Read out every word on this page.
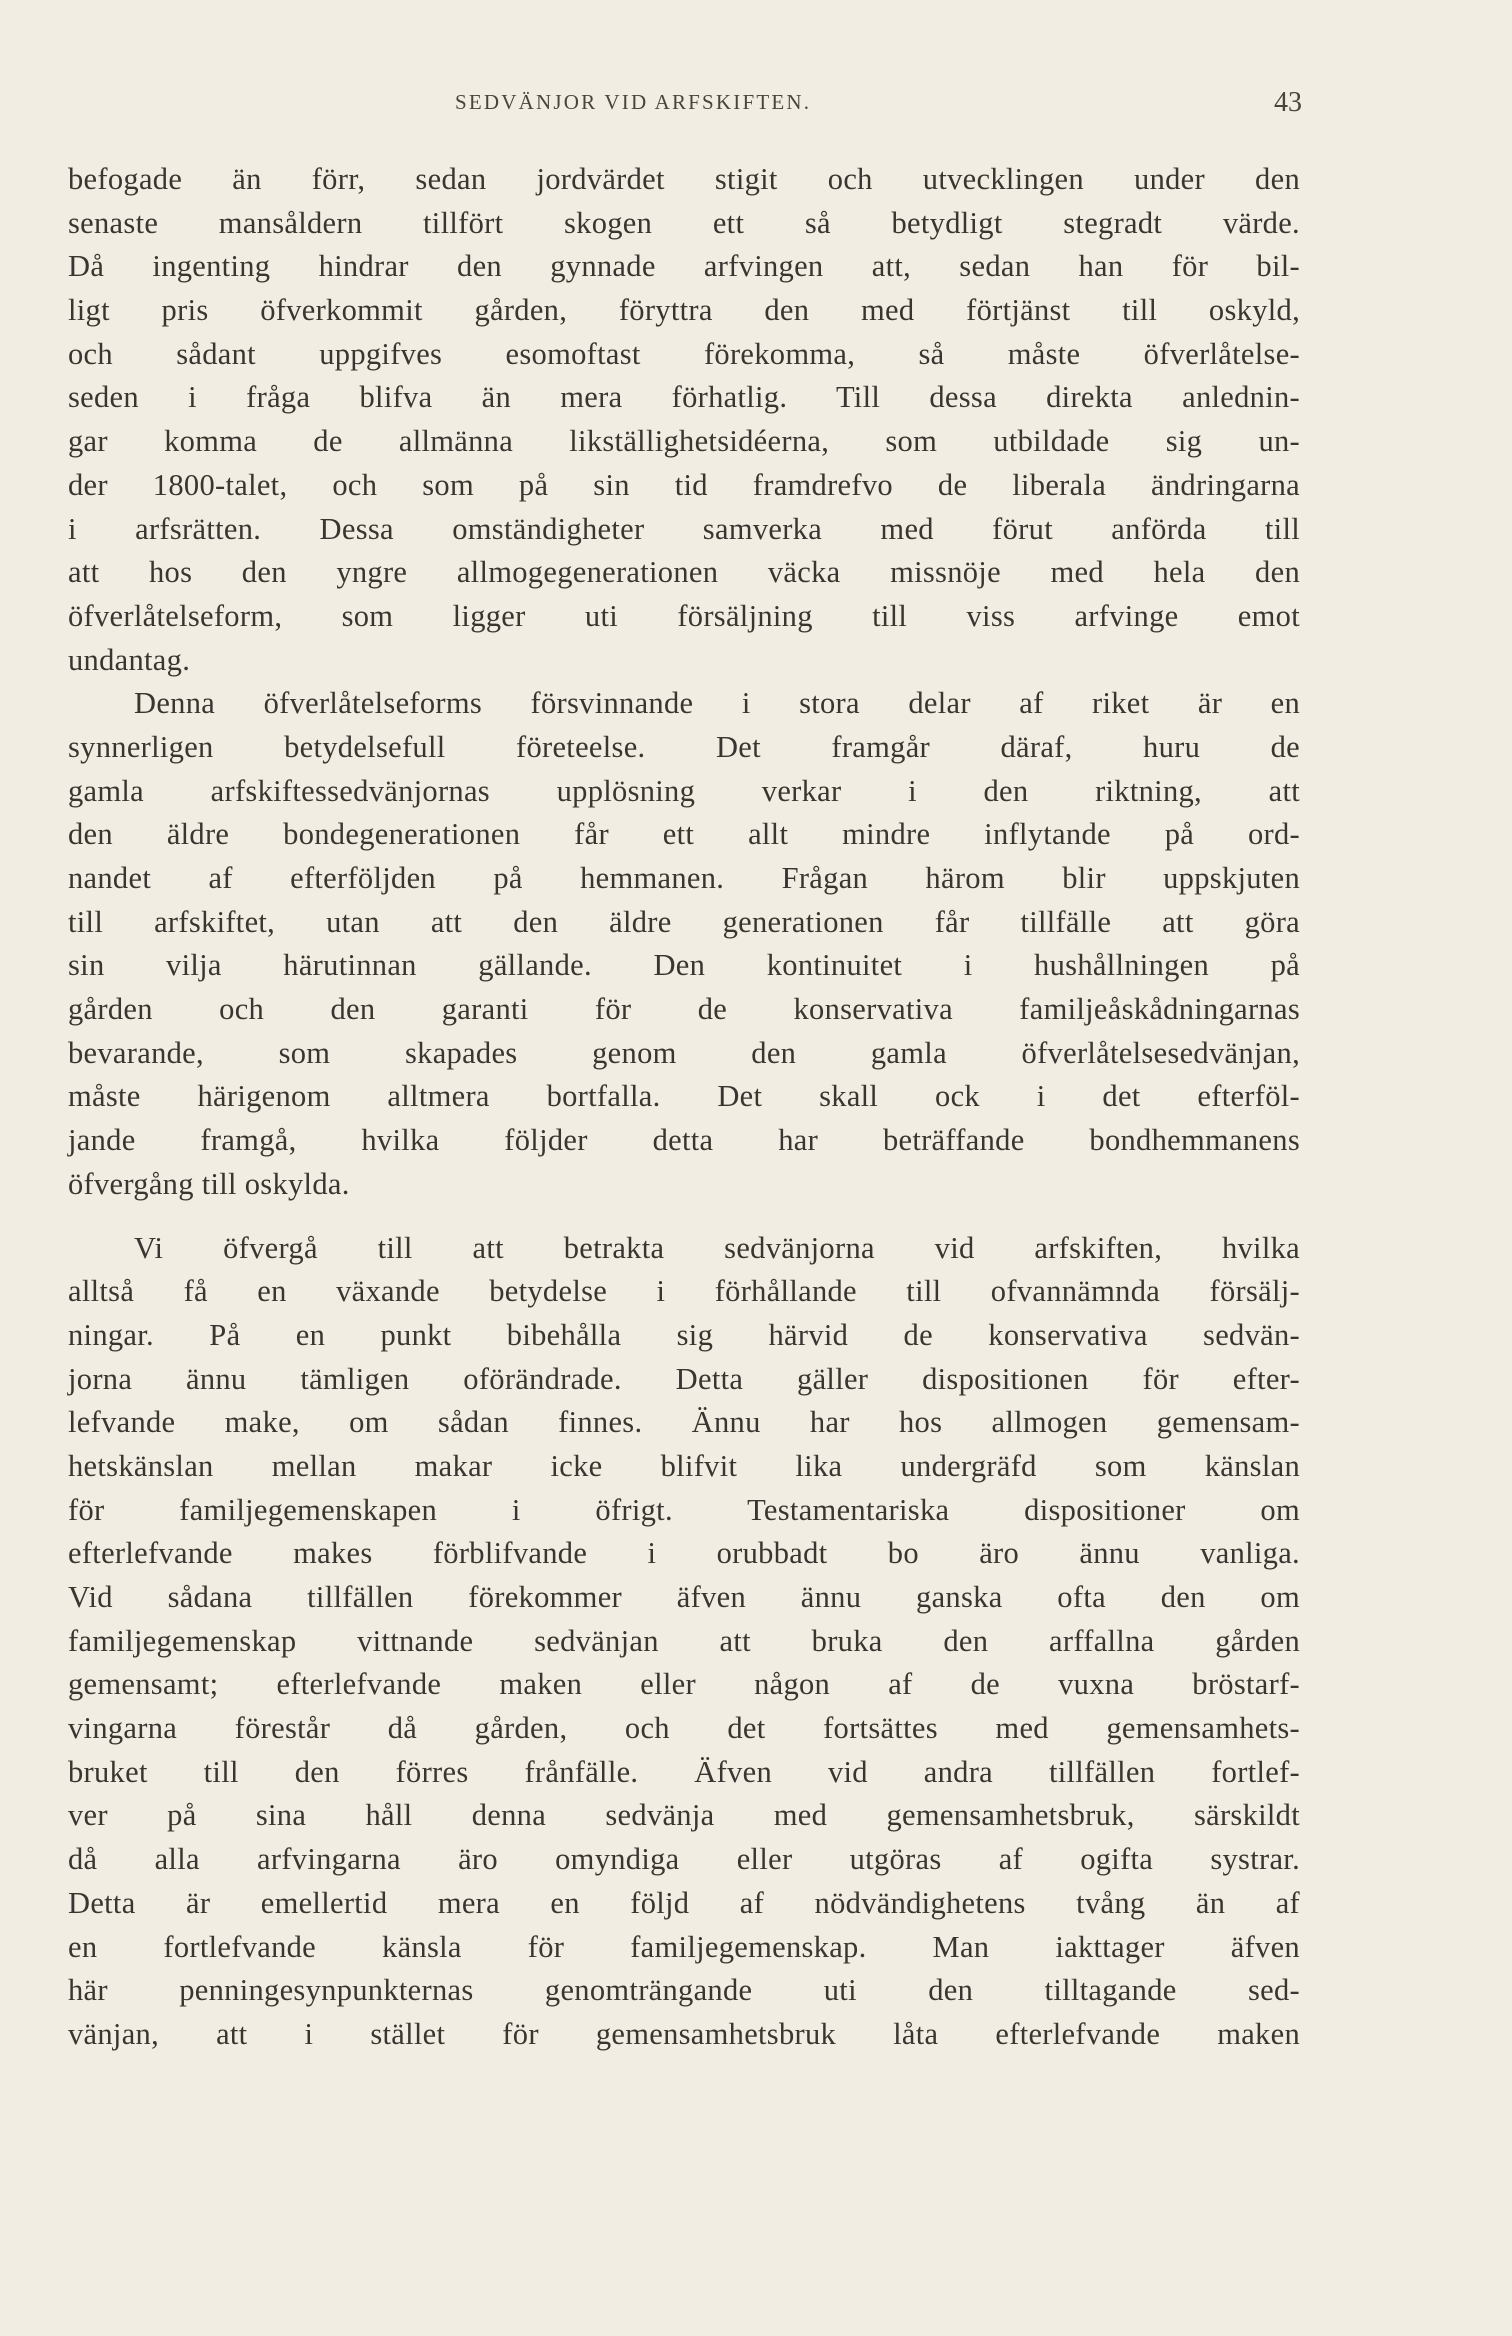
SEDVÄNJOR VID ARFSKIFTEN.	43
befogade än förr, sedan jordvärdet stigit och utvecklingen under den
senaste mansåldern tillfört skogen ett så betydligt stegradt värde.
Då ingenting hindrar den gynnade arfvingen att, sedan han för bil-
ligt pris öfverkommit gården, föryttra den med förtjänst till oskyld,
och sådant uppgifves esomoftast förekomma, så måste öfverlåtelse-
seden i fråga blifva än mera förhatlig. Till dessa direkta anlednin-
gar komma de allmänna likställighetsidéerna, som utbildade sig un-
der 1800-talet, och som på sin tid framdrefvo de liberala ändringarna
i arfsrätten. Dessa omständigheter samverka med förut anförda till
att hos den yngre allmogegenerationen väcka missnöje med hela den
öfverlåtelseform, som ligger uti försäljning till viss arfvinge emot
undantag.
Denna öfverlåtelseforms försvinnande i stora delar af riket är en
synnerligen betydelsefull företeelse. Det framgår däraf, huru de
gamla arfskiftessedvänjornas upplösning verkar i den riktning, att
den äldre bondegenerationen får ett allt mindre inflytande på ord-
nandet af efterföljden på hemmanen. Frågan härom blir uppskjuten
till arfskiftet, utan att den äldre generationen får tillfälle att göra
sin vilja härutinnan gällande. Den kontinuitet i hushållningen på
gården och den garanti för de konservativa familjeåskådningarnas
bevarande, som skapades genom den gamla öfverlåtelsesedvänjan,
måste härigenom alltmera bortfalla. Det skall ock i det efterföl-
jande framgå, hvilka följder detta har beträffande bondhemmanens
öfvergång till oskylda.
Vi öfvergå till att betrakta sedvänjorna vid arfskiften, hvilka
alltså få en växande betydelse i förhållande till ofvannämnda försälj-
ningar. På en punkt bibehålla sig härvid de konservativa sedvän-
jorna ännu tämligen oförändrade. Detta gäller dispositionen för efter-
lefvande make, om sådan finnes. Ännu har hos allmogen gemensam-
hetskänslan mellan makar icke blifvit lika undergräfd som känslan
för familjegemenskapen i öfrigt. Testamentariska dispositioner om
efterlefvande makes förblifvande i orubbadt bo äro ännu vanliga.
Vid sådana tillfällen förekommer äfven ännu ganska ofta den om
familjegemenskap vittnande sedvänjan att bruka den arffallna gården
gemensamt; efterlefvande maken eller någon af de vuxna bröstarf-
vingarna förestår då gården, och det fortsättes med gemensamhets-
bruket till den förres frånfälle. Äfven vid andra tillfällen fortlef-
ver på sina håll denna sedvänja med gemensamhetsbruk, särskildt
då alla arfvingarna äro omyndiga eller utgöras af ogifta systrar.
Detta är emellertid mera en följd af nödvändighetens tvång än af
en fortlefvande känsla för familjegemenskap. Man iakttager äfven
här penningesynpunkternas genomträngande uti den tilltagande sed-
vänjan, att i stället för gemensamhetsbruk låta efterlefvande maken
